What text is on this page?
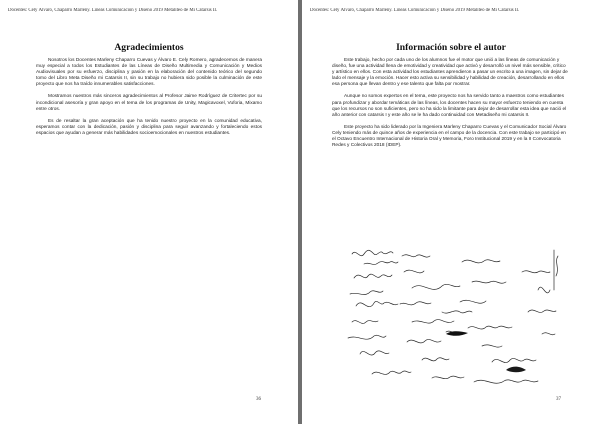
Docentes: Cely Álvaro, Chaparro Marleny. Líneas Comunicación y Diseño 2019 Metaliteo de Mi Catarsis II.
Agradecimientos

Nosotros los Docentes Marleny Chaparro Cuevas y Álvaro E. Cely Romero, agradecemos de manera muy especial a todos los Estudiantes de las Líneas de Diseño Multimedia y Comunicación y Medios Audiovisuales por su esfuerzo, disciplina y pasión en la elaboración del contenido teórico del segundo tomo del Libro Meta Diseño mi Catarsis II, sin su trabajo no hubiera sido posible la culminación de este proyecto que nos ha traído innumerables satisfacciones.

Mostramos nuestros más sinceros agradecimientos al Profesor Jaime Rodríguez de Critertec por su incondicional asesoría y gran apoyo en el tema de los programas de Unity, Magicavoxel, Vuforia, Mixamo entre otros.

Es de resaltar la gran aceptación que ha tenido nuestro proyecto en la comunidad educativa, esperamos contar con la dedicación, pasión y disciplina para seguir avanzando y fortaleciendo estos espacios que ayudan a generar más habilidades socioemocionales en nuestros estudiantes.

36
Docentes: Cely Álvaro, Chaparro Marleny. Líneas Comunicación y Diseño 2019 Metaliteo de Mi Catarsis II.
Información sobre el autor

Este trabajo, hecho por cada uno de los alumnos fue el motor que unió a las líneas de comunicación y diseño, fue una actividad llena de emotividad y creatividad que activó y desarrolló un nivel más sensible, crítico y artístico en ellos. Con esta actividad los estudiantes aprendieron a pasar un escrito a una imagen, sin dejar de lado el mensaje y la emoción. Hacer esto activa su sensibilidad y habilidad de creación, desarrollando en ellos esa persona que llevan dentro y ese talento que falta por mostrar.

Aunque no somos expertos en el tema, este proyecto nos ha servido tanto a maestros como estudiantes para profundizar y abordar temáticas de las líneas, los docentes hacen su mayor esfuerzo teniendo en cuenta que los recursos no son suficientes, pero no ha sido la limitante para dejar de desarrollar esta idea que nació el año anterior con catarsis I y este año se le ha dado continuidad con Metadiseño mi catarsis II.

Este proyecto ha sido liderado por la Ingeniera Marleny Chaparro Cuevas y el Comunicador Social Álvaro Cely teniendo más de quince años de experiencia en el campo de la docencia. Con este trabajo se participó en el Octavo Encuentro Internacional de Historia Oral y Memoria, Foro Institucional 2019 y en la II Convocatoria Redes y Colectivos 2018 (IDEP).

37
